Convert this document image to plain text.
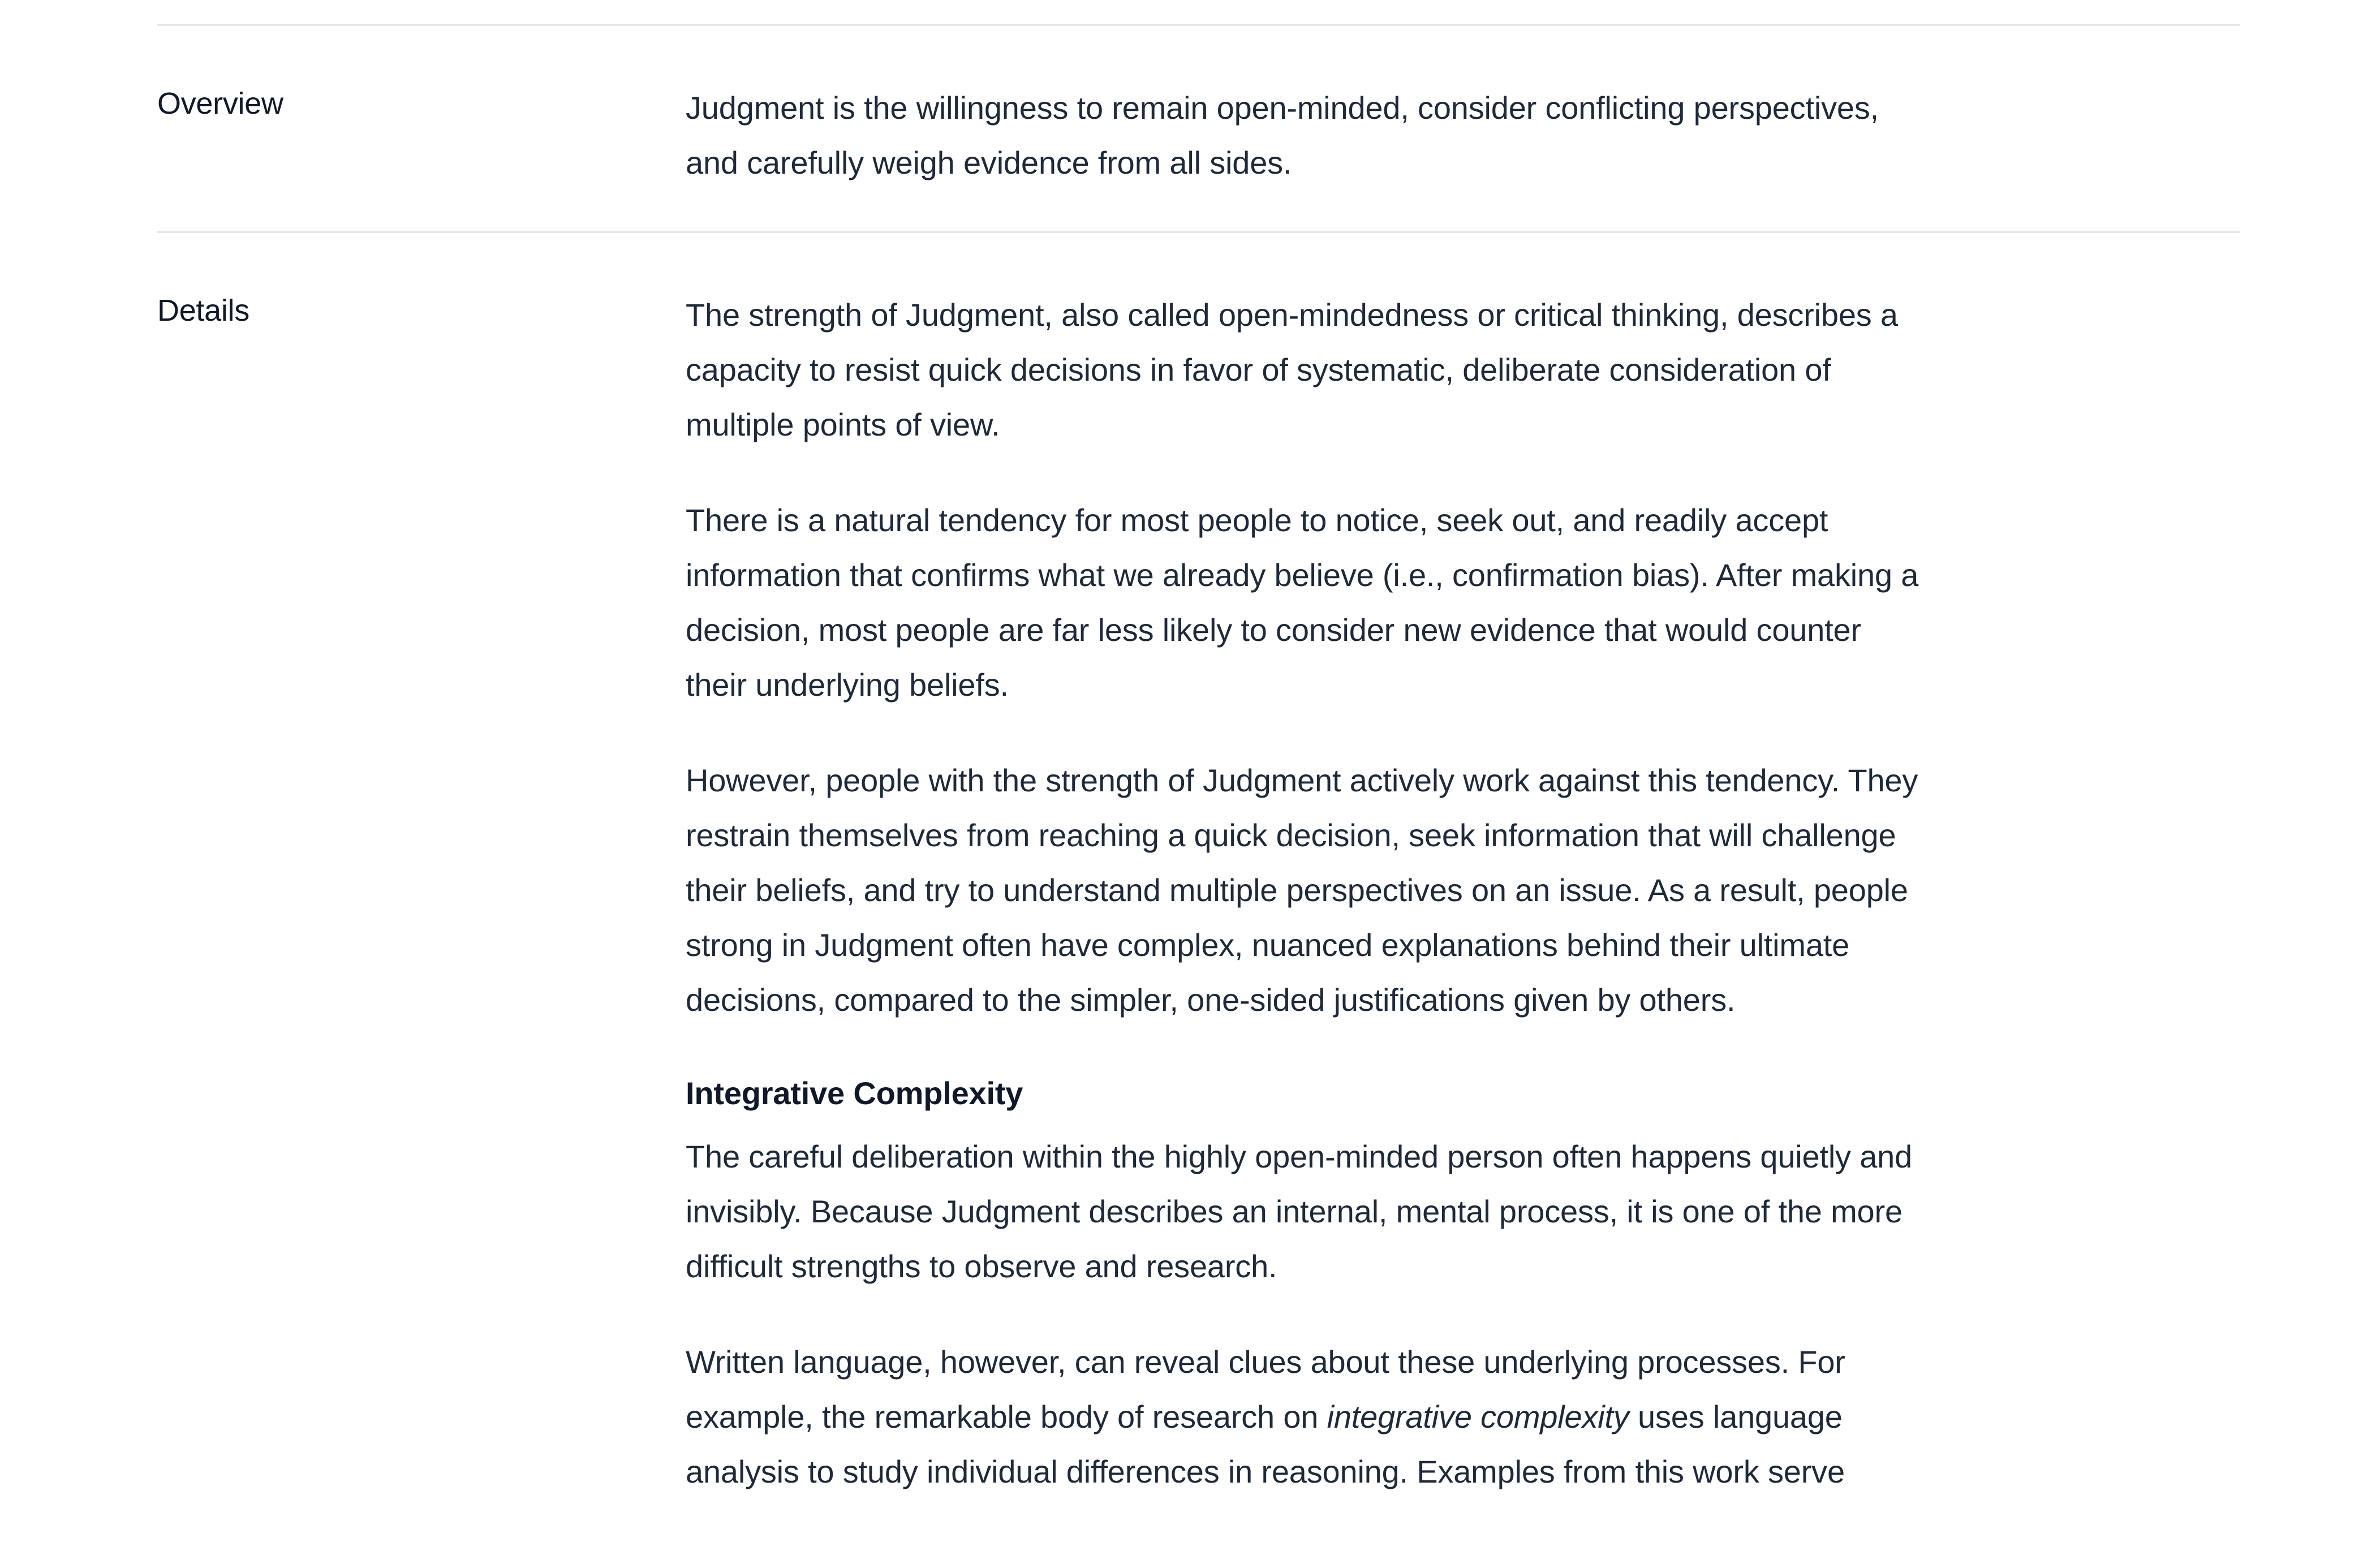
Overview	Judgment is the willingness to remain open-minded, consider conflicting perspectives, and carefully weigh evidence from all sides.

Details	The strength of Judgment, also called open-mindedness or critical thinking, describes a capacity to resist quick decisions in favor of systematic, deliberate consideration of multiple points of view.

There is a natural tendency for most people to notice, seek out, and readily accept information that confirms what we already believe (i.e., confirmation bias). After making a decision, most people are far less likely to consider new evidence that would counter their underlying beliefs.

However, people with the strength of Judgment actively work against this tendency. They restrain themselves from reaching a quick decision, seek information that will challenge their beliefs, and try to understand multiple perspectives on an issue. As a result, people strong in Judgment often have complex, nuanced explanations behind their ultimate decisions, compared to the simpler, one-sided justifications given by others.

Integrative Complexity

The careful deliberation within the highly open-minded person often happens quietly and invisibly. Because Judgment describes an internal, mental process, it is one of the more difficult strengths to observe and research.

Written language, however, can reveal clues about these underlying processes. For example, the remarkable body of research on integrative complexity uses language analysis to study individual differences in reasoning. Examples from this work serve
